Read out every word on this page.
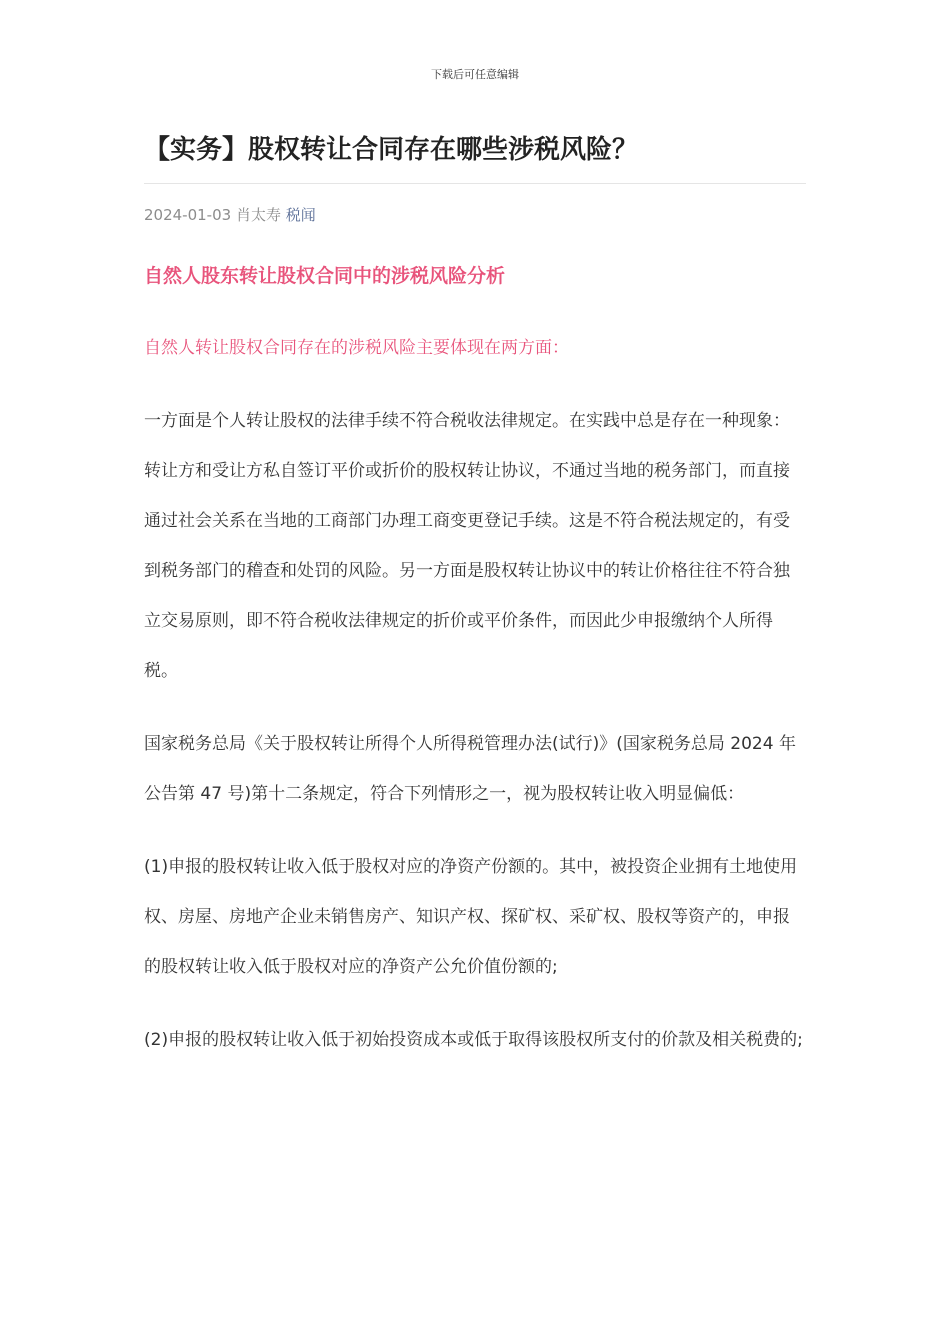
下载后可任意编辑
【实务】股权转让合同存在哪些涉税风险？
2024-01-03 肖太寿 税闻
自然人股东转让股权合同中的涉税风险分析
自然人转让股权合同存在的涉税风险主要体现在两方面：

一方面是个人转让股权的法律手续不符合税收法律规定。在实践中总是存在一种现象：转让方和受让方私自签订平价或折价的股权转让协议，不通过当地的税务部门，而直接通过社会关系在当地的工商部门办理工商变更登记手续。这是不符合税法规定的，有受到税务部门的稽查和处罚的风险。另一方面是股权转让协议中的转让价格往往不符合独立交易原则，即不符合税收法律规定的折价或平价条件，而因此少申报缴纳个人所得税。

国家税务总局《关于股权转让所得个人所得税管理办法(试行)》(国家税务总局 2024 年公告第 47 号)第十二条规定，符合下列情形之一，视为股权转让收入明显偏低：

(1)申报的股权转让收入低于股权对应的净资产份额的。其中，被投资企业拥有土地使用权、房屋、房地产企业未销售房产、知识产权、探矿权、采矿权、股权等资产的，申报的股权转让收入低于股权对应的净资产公允价值份额的;

(2)申报的股权转让收入低于初始投资成本或低于取得该股权所支付的价款及相关税费的;
